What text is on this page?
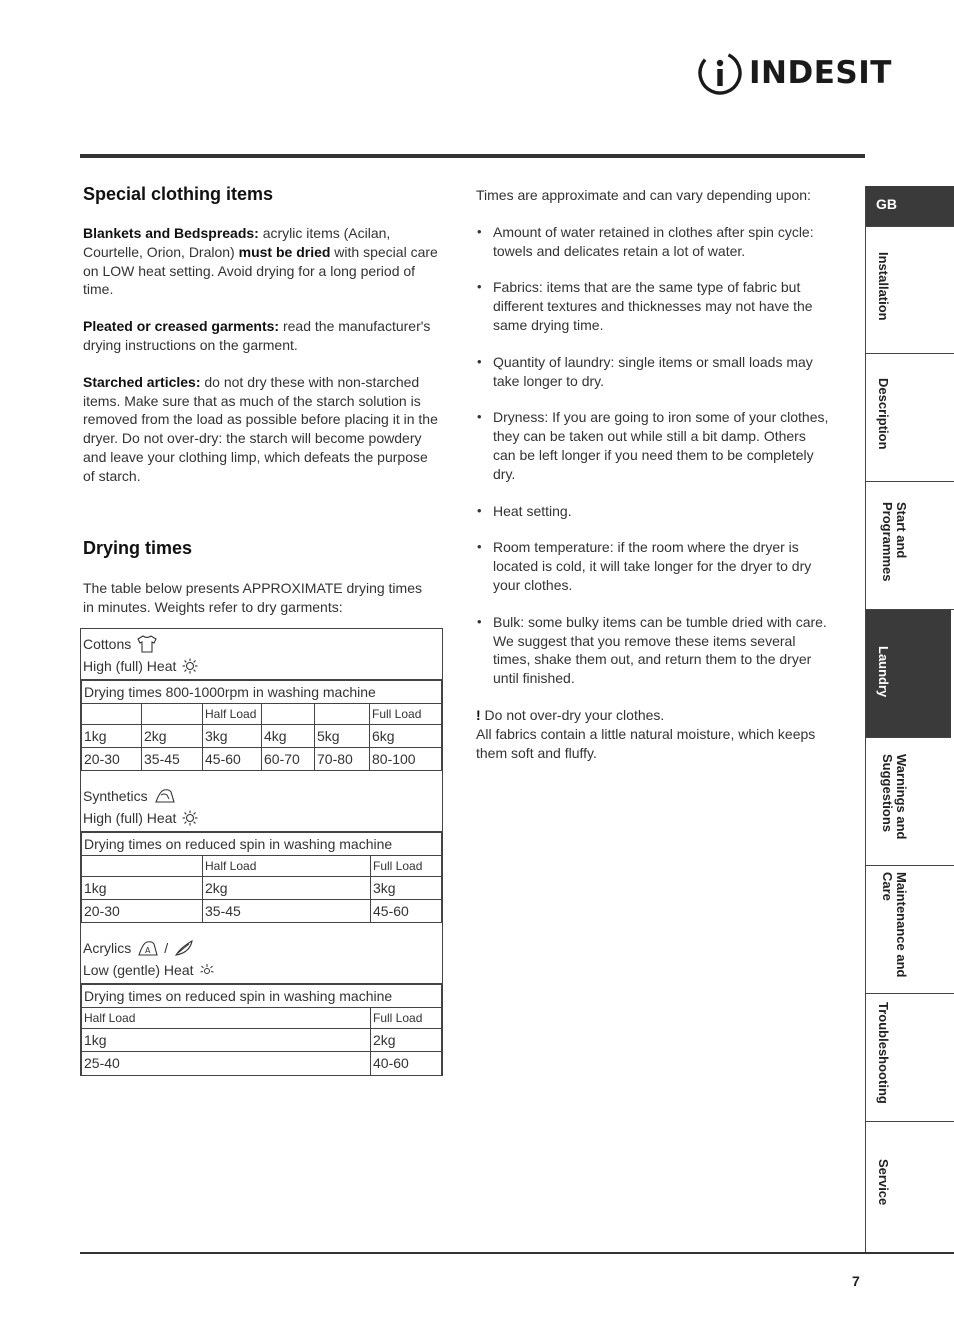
INDESIT
Special clothing items

Blankets and Bedspreads: acrylic items (Acilan, Courtelle, Orion, Dralon) must be dried with special care on LOW heat setting. Avoid drying for a long period of time.

Pleated or creased garments: read the manufacturer's drying instructions on the garment.

Starched articles: do not dry these with non-starched items. Make sure that as much of the starch solution is removed from the load as possible before placing it in the dryer. Do not over-dry: the starch will become powdery and leave your clothing limp, which defeats the purpose of starch.

Drying times

The table below presents APPROXIMATE drying times in minutes. Weights refer to dry garments:

Cottons
High (full) Heat
Drying times 800-1000rpm in washing machine					
		Half Load			Full Load
1kg	2kg	3kg	4kg	5kg	6kg
20-30	35-45	45-60	60-70	70-80	80-100
Synthetics
High (full) Heat
Drying times on reduced spin in washing machine		
	Half Load	Full Load
1kg	2kg	3kg
20-30	35-45	45-60
Acrylics A /
Low (gentle) Heat
Drying times on reduced spin in washing machine	
Half Load	Full Load
1kg	2kg
25-40	40-60

Times are approximate and can vary depending upon:

• Amount of water retained in clothes after spin cycle: towels and delicates retain a lot of water.
• Fabrics: items that are the same type of fabric but different textures and thicknesses may not have the same drying time.
• Quantity of laundry: single items or small loads may take longer to dry.
• Dryness: If you are going to iron some of your clothes, they can be taken out while still a bit damp. Others can be left longer if you need them to be completely dry.
• Heat setting.
• Room temperature: if the room where the dryer is located is cold, it will take longer for the dryer to dry your clothes.
• Bulk: some bulky items can be tumble dried with care. We suggest that you remove these items several times, shake them out, and return them to the dryer until finished.

! Do not over-dry your clothes.

All fabrics contain a little natural moisture, which keeps them soft and fluffy.

GB
Installation
Description
Start and Programmes
Laundry
Warnings and Suggestions
Maintenance and Care
Troubleshooting
Service
7
